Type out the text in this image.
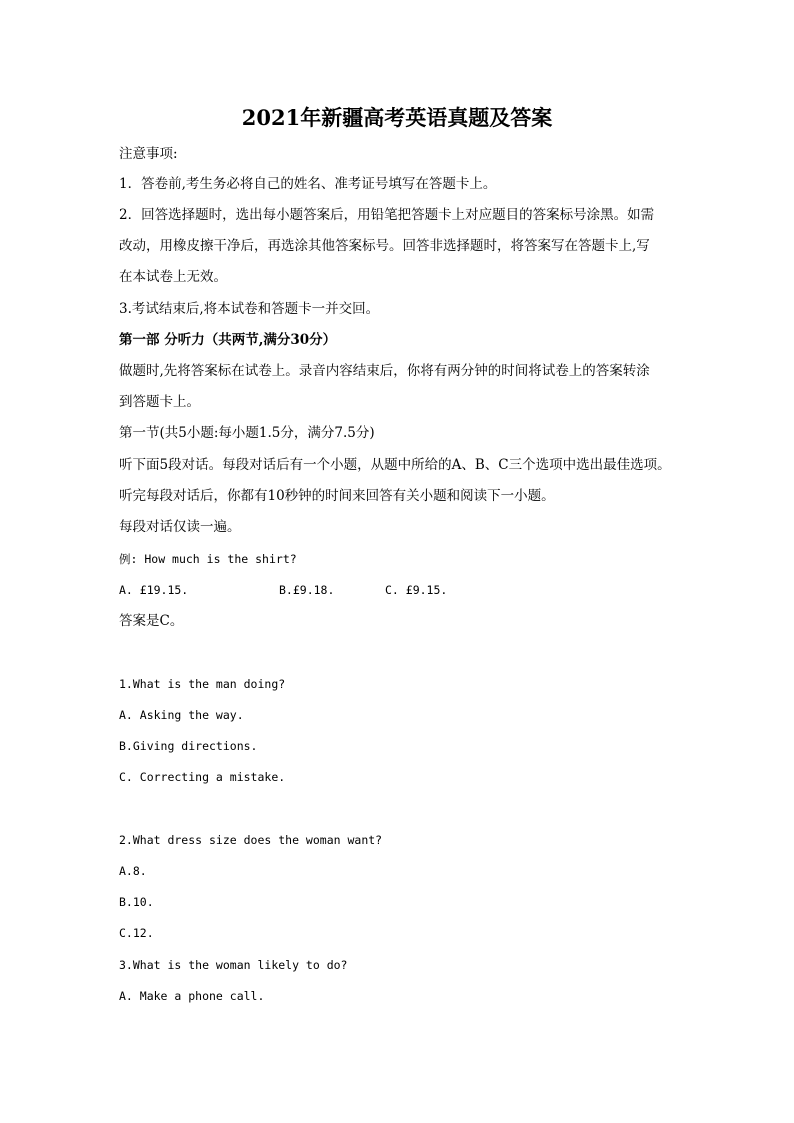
2021年新疆高考英语真题及答案
注意事项:
1．答卷前,考生务必将自己的姓名、准考证号填写在答题卡上。
2．回答选择题时，选出每小题答案后，用铅笔把答题卡上对应题目的答案标号涂黑。如需
改动，用橡皮擦干净后，再选涂其他答案标号。回答非选择题时，将答案写在答题卡上,写
在本试卷上无效。
3.考试结束后,将本试卷和答题卡一并交回。
第一部 分听力（共两节,满分30分）
做题时,先将答案标在试卷上。录音内容结束后，你将有两分钟的时间将试卷上的答案转涂
到答题卡上。
第一节(共5小题:每小题1.5分，满分7.5分)
听下面5段对话。每段对话后有一个小题，从题中所给的A、B、C三个选项中选出最佳选项。
听完每段对话后，你都有10秒钟的时间来回答有关小题和阅读下一小题。
每段对话仅读一遍。
例: How much is the shirt?
A. £19.15.	B.£9.18.	C. £9.15.
答案是C。
1.What is the man doing?
A. Asking the way.
B.Giving directions.
C. Correcting a mistake.
2.What dress size does the woman want?
A.8.
B.10.
C.12.
3.What is the woman likely to do?
A. Make a phone call.
